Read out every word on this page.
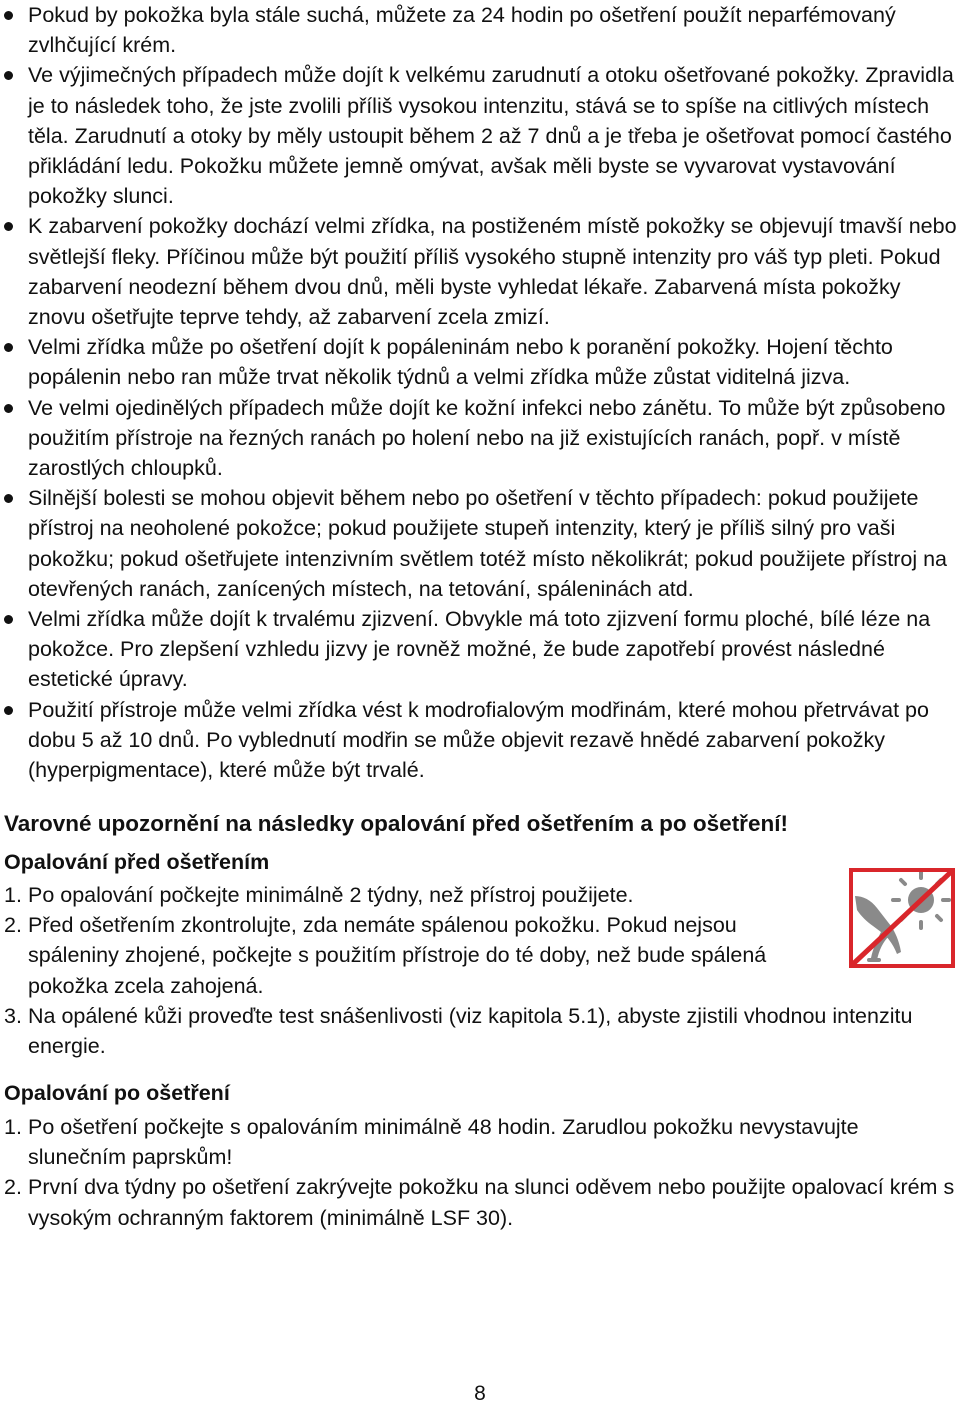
Pokud by pokožka byla stále suchá, můžete za 24 hodin po ošetření použít neparfémovaný zvlhčující krém.
Ve výjimečných případech může dojít k velkému zarudnutí a otoku ošetřované pokožky. Zpravidla je to následek toho, že jste zvolili příliš vysokou intenzitu, stává se to spíše na citlivých místech těla. Zarudnutí a otoky by měly ustoupit během 2 až 7 dnů a je třeba je ošetřovat pomocí častého přikládání ledu. Pokožku můžete jemně omývat, avšak měli byste se vyvarovat vystavování pokožky slunci.
K zabarvení pokožky dochází velmi zřídka, na postiženém místě pokožky se objevují tmavší nebo světlejší fleky. Příčinou může být použití příliš vysokého stupně intenzity pro váš typ pleti. Pokud zabarvení neodezní během dvou dnů, měli byste vyhledat lékaře. Zabarvená místa pokožky znovu ošetřujte teprve tehdy, až zabarvení zcela zmizí.
Velmi zřídka může po ošetření dojít k popáleninám nebo k poranění pokožky. Hojení těchto popálenin nebo ran může trvat několik týdnů a velmi zřídka může zůstat viditelná jizva.
Ve velmi ojedinělých případech může dojít ke kožní infekci nebo zánětu. To může být způsobeno použitím přístroje na řezných ranách po holení nebo na již existujících ranách, popř. v místě zarostlých chloupků.
Silnější bolesti se mohou objevit během nebo po ošetření v těchto případech: pokud použijete přístroj na neoholené pokožce; pokud použijete stupeň intenzity, který je příliš silný pro vaši pokožku; pokud ošetřujete intenzivním světlem totéž místo několikrát; pokud použijete přístroj na otevřených ranách, zanícených místech, na tetování, spáleninách atd.
Velmi zřídka může dojít k trvalému zjizvení. Obvykle má toto zjizvení formu ploché, bílé léze na pokožce. Pro zlepšení vzhledu jizvy je rovněž možné, že bude zapotřebí provést následné estetické úpravy.
Použití přístroje může velmi zřídka vést k modrofialovým modřinám, které mohou přetrvávat po dobu 5 až 10 dnů. Po vyblednutí modřin se může objevit rezavě hnědé zabarvení pokožky (hyperpigmentace), které může být trvalé.
Varovné upozornění na následky opalování před ošetřením a po ošetření!
Opalování před ošetřením
1. Po opalování počkejte minimálně 2 týdny, než přístroj použijete.
2. Před ošetřením zkontrolujte, zda nemáte spálenou pokožku. Pokud nejsou spáleniny zhojené, počkejte s použitím přístroje do té doby, než bude spálená pokožka zcela zahojená.
3. Na opálené kůži proveďte test snášenlivosti (viz kapitola 5.1), abyste zjistili vhodnou intenzitu energie.
Opalování po ošetření
1. Po ošetření počkejte s opalováním minimálně 48 hodin. Zarudlou pokožku nevystavujte slunečním paprskům!
2. První dva týdny po ošetření zakrývejte pokožku na slunci oděvem nebo použijte opalovací krém s vysokým ochranným faktorem (minimálně LSF 30).
8
